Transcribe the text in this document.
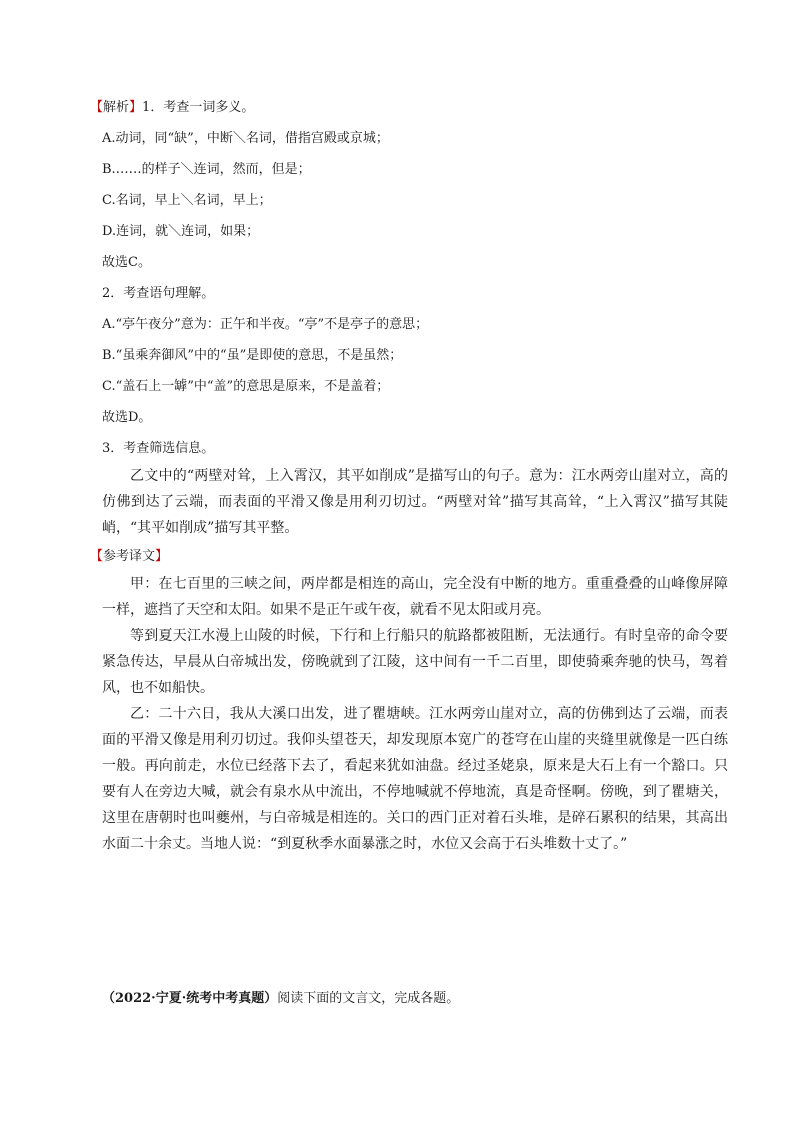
【解析】1．考查一词多义。

A.动词，同“缺”，中断＼名词，借指宫殿或京城；

B.……的样子＼连词，然而，但是；

C.名词，早上＼名词，早上；

D.连词，就＼连词，如果；

故选C。

2．考查语句理解。

A.“亭午夜分”意为：正午和半夜。“亭”不是亭子的意思；

B.“虽乘奔御风”中的“虽”是即使的意思，不是虽然；

C.“盖石上一罅”中“盖”的意思是原来，不是盖着；

故选D。

3．考查筛选信息。

乙文中的“两壁对耸，上入霄汉，其平如削成”是描写山的句子。意为：江水两旁山崖对立，高的仿佛到达了云端，而表面的平滑又像是用利刃切过。“两壁对耸”描写其高耸，“上入霄汉”描写其陡峭，“其平如削成”描写其平整。

【参考译文】

甲：在七百里的三峡之间，两岸都是相连的高山，完全没有中断的地方。重重叠叠的山峰像屏障一样，遮挡了天空和太阳。如果不是正午或午夜，就看不见太阳或月亮。

等到夏天江水漫上山陵的时候，下行和上行船只的航路都被阻断，无法通行。有时皇帝的命令要紧急传达，早晨从白帝城出发，傍晚就到了江陵，这中间有一千二百里，即使骑乘奔驰的快马，驾着风，也不如船快。

乙：二十六日，我从大溪口出发，进了瞿塘峡。江水两旁山崖对立，高的仿佛到达了云端，而表面的平滑又像是用利刃切过。我仰头望苍天，却发现原本宽广的苍穹在山崖的夹缝里就像是一匹白练一般。再向前走，水位已经落下去了，看起来犹如油盘。经过圣姥泉，原来是大石上有一个豁口。只要有人在旁边大喊，就会有泉水从中流出，不停地喊就不停地流，真是奇怪啊。傍晚，到了瞿塘关，这里在唐朝时也叫夔州，与白帝城是相连的。关口的西门正对着石头堆，是碎石累积的结果，其高出水面二十余丈。当地人说：“到夏秋季水面暴涨之时，水位又会高于石头堆数十丈了。”

（2022·宁夏·统考中考真题）阅读下面的文言文，完成各题。
